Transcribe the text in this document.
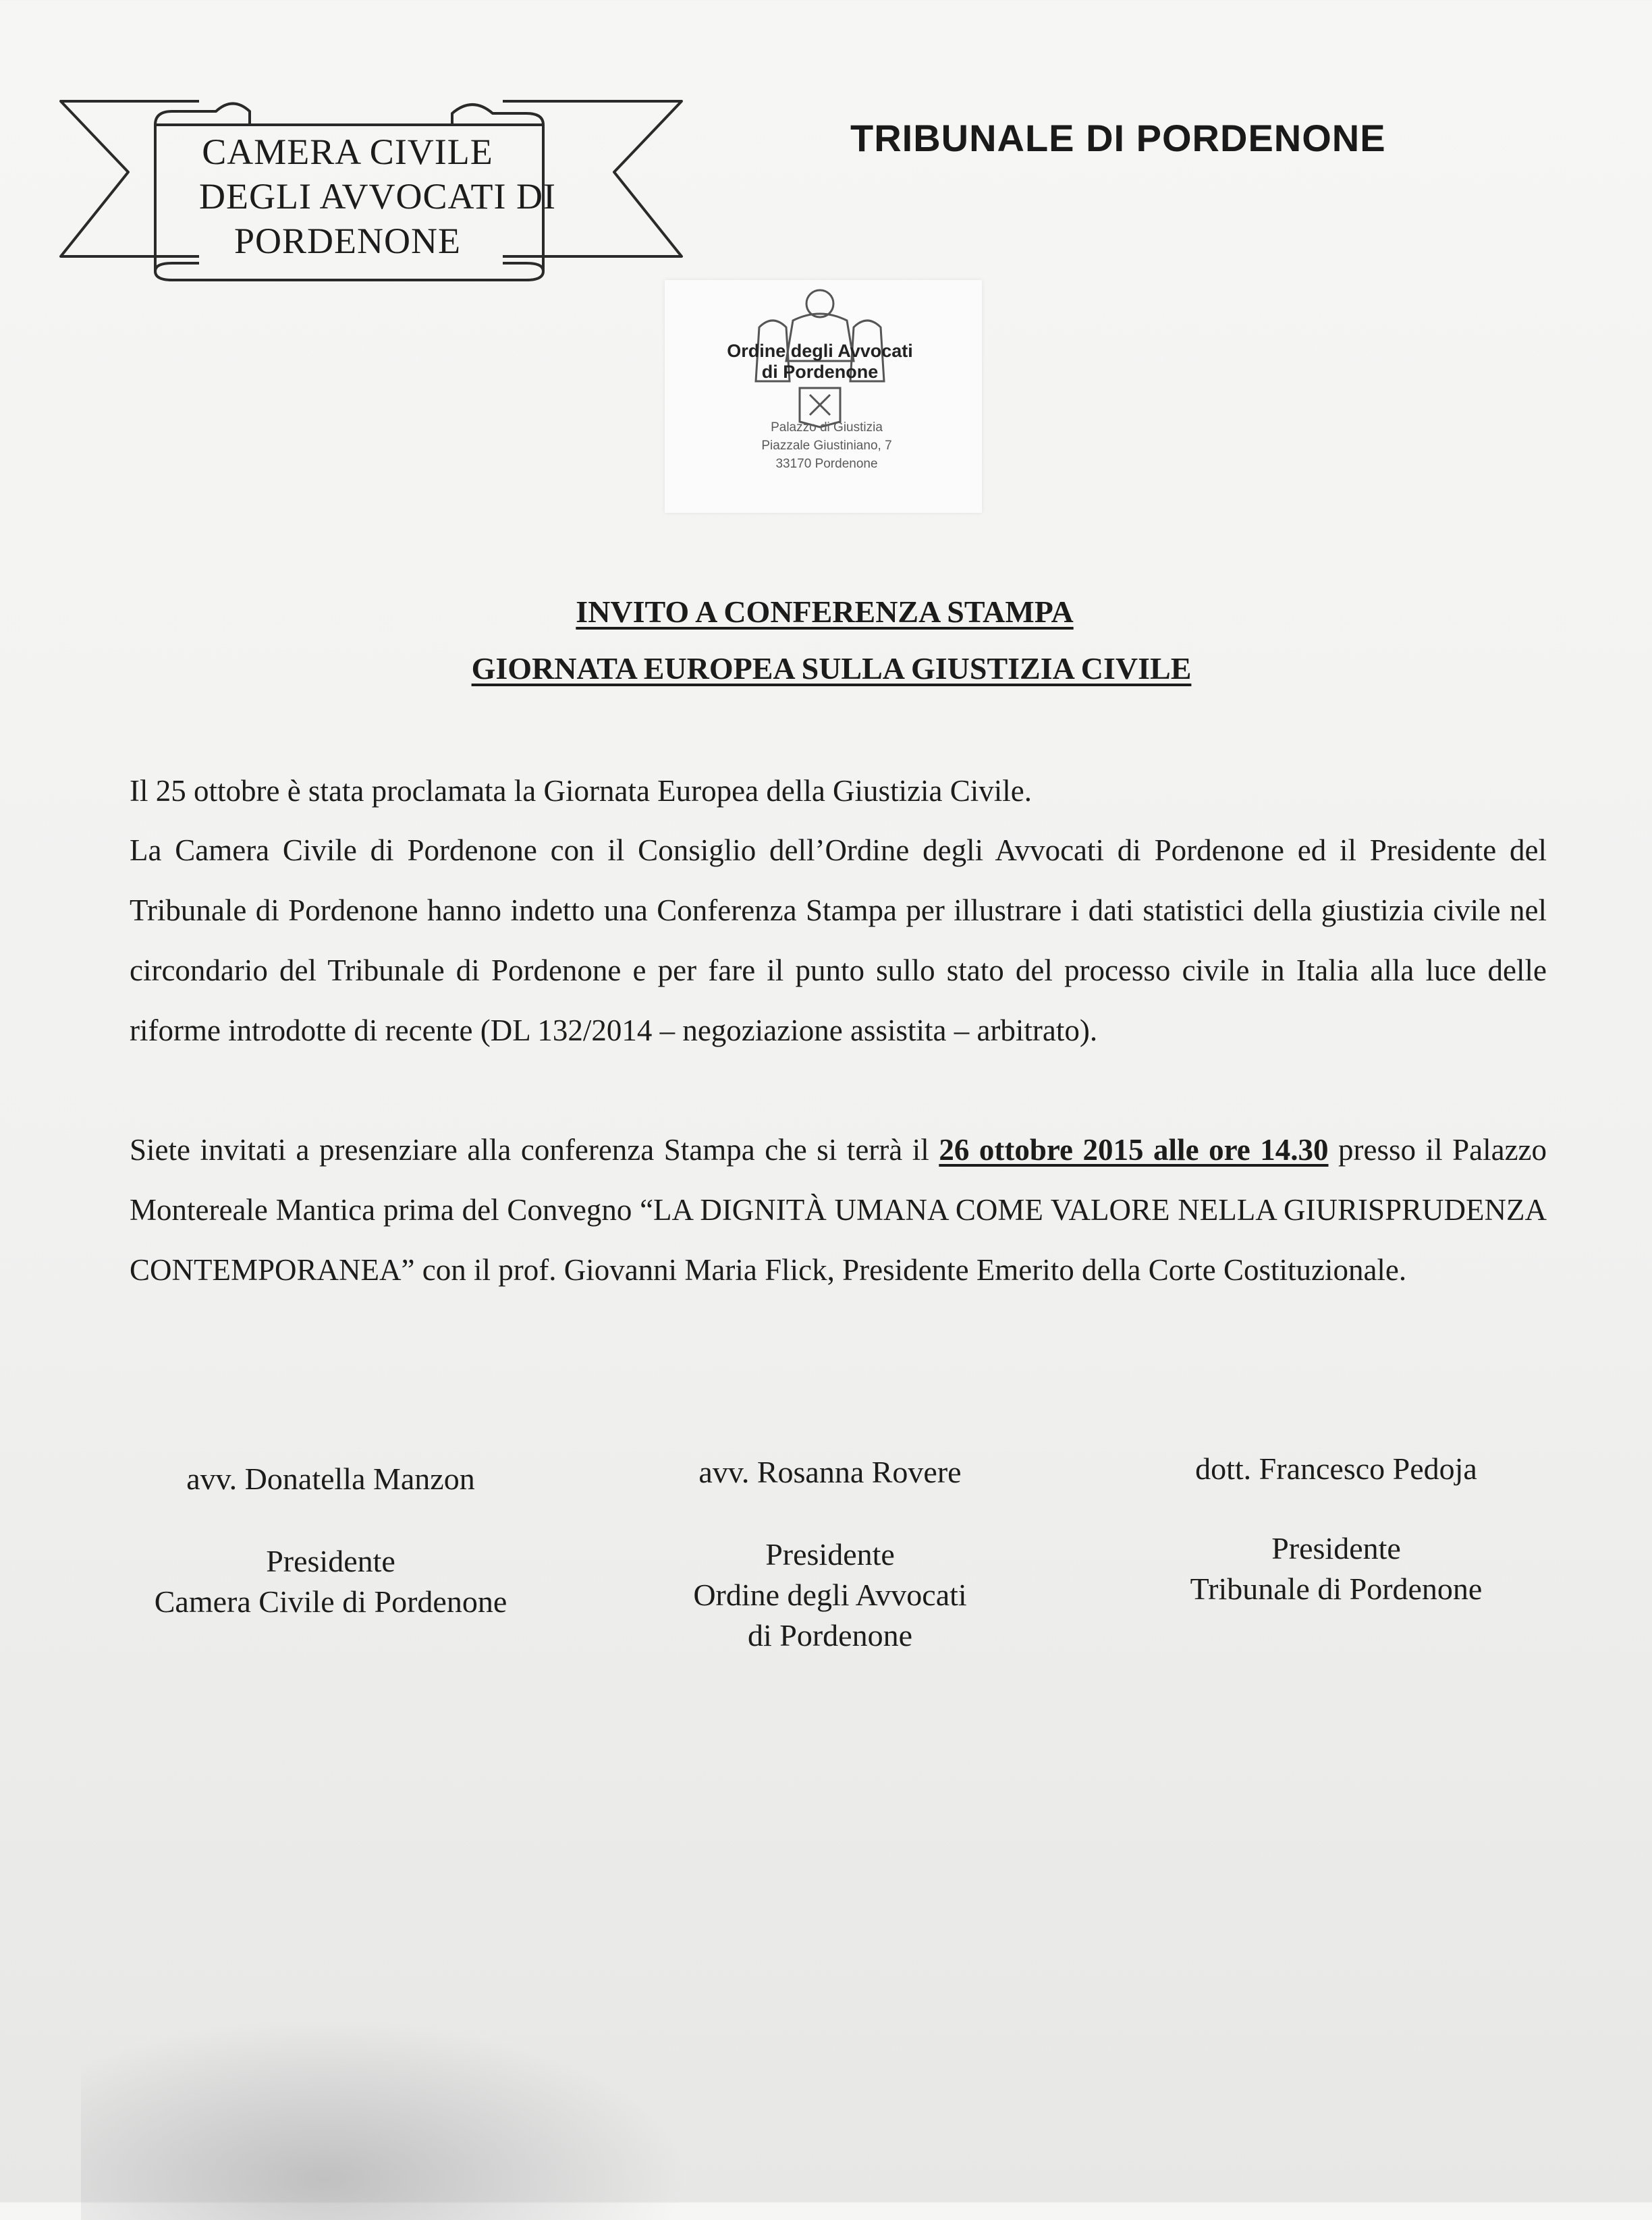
CAMERA CIVILE
DEGLI AVVOCATI DI
PORDENONE
TRIBUNALE DI PORDENONE
Ordine degli Avvocati
di Pordenone
Palazzo di Giustizia
Piazzale Giustiniano, 7
33170 Pordenone
INVITO A CONFERENZA STAMPA
GIORNATA EUROPEA SULLA GIUSTIZIA CIVILE
Il 25 ottobre è stata proclamata la Giornata Europea della Giustizia Civile.
La Camera Civile di Pordenone con il Consiglio dell’Ordine degli Avvocati di Pordenone ed il Presidente del Tribunale di Pordenone hanno indetto una Conferenza Stampa per illustrare i dati statistici della giustizia civile nel circondario del Tribunale di Pordenone e per fare il punto sullo stato del processo civile in Italia alla luce delle riforme introdotte di recente (DL 132/2014 – negoziazione assistita – arbitrato).
Siete invitati a presenziare alla conferenza Stampa che si terrà il 26 ottobre 2015 alle ore 14.30 presso il Palazzo Montereale Mantica prima del Convegno “LA DIGNITÀ UMANA COME VALORE NELLA GIURISPRUDENZA CONTEMPORANEA” con il prof. Giovanni Maria Flick, Presidente Emerito della Corte Costituzionale.
avv. Donatella Manzon
Presidente
Camera Civile di Pordenone
avv. Rosanna Rovere
Presidente
Ordine degli Avvocati
di Pordenone
dott. Francesco Pedoja
Presidente
Tribunale di Pordenone
